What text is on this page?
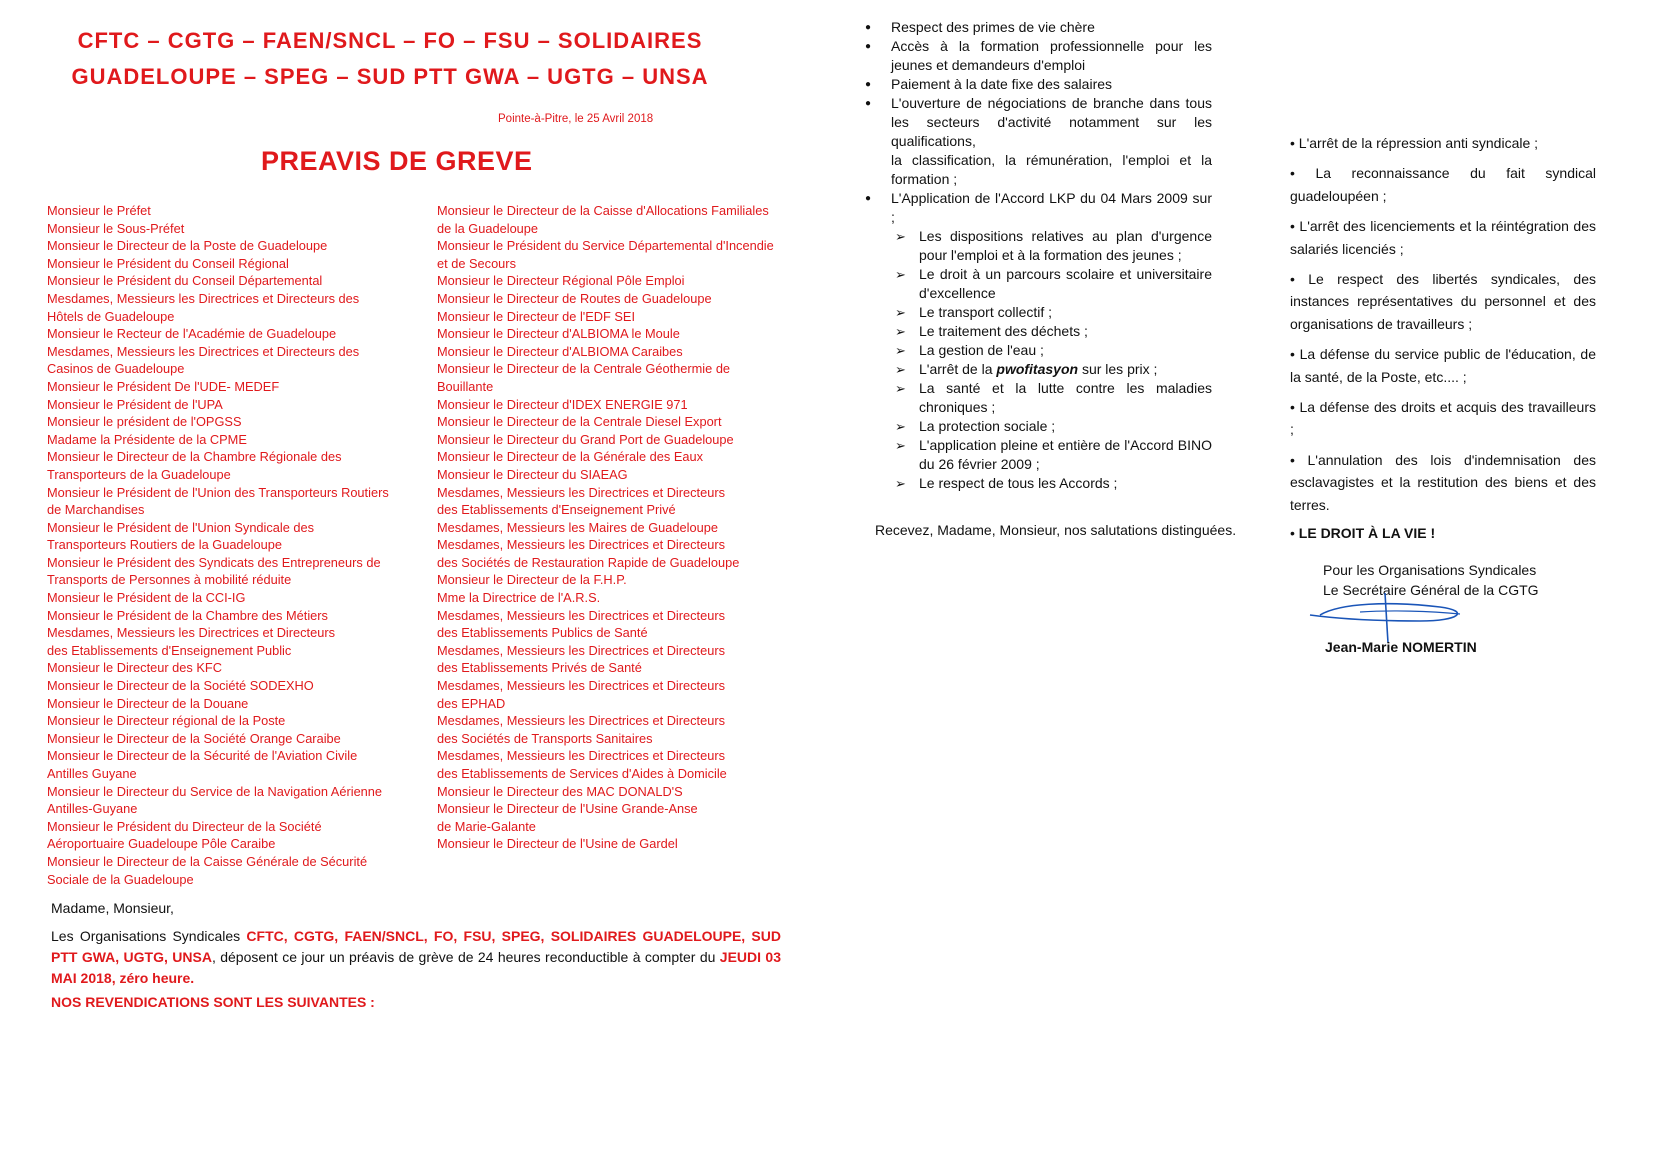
CFTC – CGTG – FAEN/SNCL – FO – FSU – SOLIDAIRES
GUADELOUPE – SPEG – SUD PTT GWA – UGTG – UNSA
Pointe-à-Pitre, le 25 Avril 2018
PREAVIS DE GREVE
Monsieur le Préfet
Monsieur le Sous-Préfet
Monsieur le Directeur de la Poste de Guadeloupe
Monsieur le Président du Conseil Régional
Monsieur le Président du Conseil Départemental
Mesdames, Messieurs les Directrices et Directeurs des
Hôtels de Guadeloupe
Monsieur le Recteur de l'Académie de Guadeloupe
Mesdames, Messieurs les Directrices et Directeurs des
Casinos de Guadeloupe
Monsieur le Président De l'UDE- MEDEF
Monsieur le Président de l'UPA
Monsieur le président de l'OPGSS
Madame la Présidente de la CPME
Monsieur le Directeur de la Chambre Régionale des
Transporteurs de la Guadeloupe
Monsieur le Président de l'Union des Transporteurs Routiers
de Marchandises
Monsieur le Président de l'Union Syndicale des
Transporteurs Routiers de la Guadeloupe
Monsieur le Président des Syndicats des Entrepreneurs de
Transports de Personnes à mobilité réduite
Monsieur le Président de la CCI-IG
Monsieur le Président de la Chambre des Métiers
Mesdames, Messieurs les Directrices et Directeurs
des Etablissements d'Enseignement Public
Monsieur le Directeur des KFC
Monsieur le Directeur de la Société SODEXHO
Monsieur le Directeur de la Douane
Monsieur le Directeur régional de la Poste
Monsieur le Directeur de la Société Orange Caraibe
Monsieur le Directeur de la Sécurité de l'Aviation Civile
Antilles Guyane
Monsieur le Directeur du Service de la Navigation Aérienne
Antilles-Guyane
Monsieur le Président du Directeur de la Société
Aéroportuaire Guadeloupe Pôle Caraibe
Monsieur le Directeur de la Caisse Générale de Sécurité
Sociale de la Guadeloupe
Monsieur le Directeur de la Caisse d'Allocations Familiales
de la Guadeloupe
Monsieur le Président du Service Départemental d'Incendie
et de Secours
Monsieur le Directeur Régional Pôle Emploi
Monsieur le Directeur de Routes de Guadeloupe
Monsieur le Directeur de l'EDF SEI
Monsieur le Directeur d'ALBIOMA le Moule
Monsieur le Directeur d'ALBIOMA Caraibes
Monsieur le Directeur de la Centrale Géothermie de
Bouillante
Monsieur le Directeur d'IDEX ENERGIE 971
Monsieur le Directeur de la Centrale Diesel Export
Monsieur le Directeur du Grand Port de Guadeloupe
Monsieur le Directeur de la Générale des Eaux
Monsieur le Directeur du SIAEAG
Mesdames, Messieurs les Directrices et Directeurs
des Etablissements d'Enseignement Privé
Mesdames, Messieurs les Maires de Guadeloupe
Mesdames, Messieurs les Directrices et Directeurs
des Sociétés de Restauration Rapide de Guadeloupe
Monsieur le Directeur de la F.H.P.
Mme la Directrice de l'A.R.S.
Mesdames, Messieurs les Directrices et Directeurs
des Etablissements Publics de Santé
Mesdames, Messieurs les Directrices et Directeurs
des Etablissements Privés de Santé
Mesdames, Messieurs les Directrices et Directeurs
des EPHAD
Mesdames, Messieurs les Directrices et Directeurs
des Sociétés de Transports Sanitaires
Mesdames, Messieurs les Directrices et Directeurs
des Etablissements de Services d'Aides à Domicile
Monsieur le Directeur des MAC DONALD'S
Monsieur le Directeur de l'Usine Grande-Anse
de Marie-Galante
Monsieur le Directeur de l'Usine de Gardel
Madame, Monsieur,
Les Organisations Syndicales CFTC, CGTG, FAEN/SNCL, FO, FSU, SPEG, SOLIDAIRES GUADELOUPE, SUD PTT GWA, UGTG, UNSA, déposent ce jour un préavis de grève de 24 heures reconductible à compter du JEUDI 03 MAI 2018, zéro heure.
NOS REVENDICATIONS SONT LES SUIVANTES :
● Respect des primes de vie chère
● Accès à la formation professionnelle pour les jeunes et demandeurs d'emploi
● Paiement à la date fixe des salaires
● L'ouverture de négociations de branche dans tous les secteurs d'activité notamment sur les qualifications,
la classification, la rémunération, l'emploi et la formation ;
● L'Application de l'Accord LKP du 04 Mars 2009 sur ;
➢ Les dispositions relatives au plan d'urgence pour l'emploi et à la formation des jeunes ;
➢ Le droit à un parcours scolaire et universitaire d'excellence
➢ Le transport collectif ;
➢ Le traitement des déchets ;
➢ La gestion de l'eau ;
➢ L'arrêt de la pwofitasyon sur les prix ;
➢ La santé et la lutte contre les maladies chroniques ;
➢ La protection sociale ;
➢ L'application pleine et entière de l'Accord BINO du 26 février 2009 ;
➢ Le respect de tous les Accords ;
Recevez, Madame, Monsieur, nos salutations distinguées.
• L'arrêt de la répression anti syndicale ;
• La reconnaissance du fait syndical guadeloupéen ;
• L'arrêt des licenciements et la réintégration des salariés licenciés ;
• Le respect des libertés syndicales, des instances représentatives du personnel et des organisations de travailleurs ;
• La défense du service public de l'éducation, de la santé, de la Poste, etc.... ;
• La défense des droits et acquis des travailleurs ;
• L'annulation des lois d'indemnisation des esclavagistes et la restitution des biens et des terres.
• LE DROIT À LA VIE !
Pour les Organisations Syndicales
Le Secrétaire Général de la CGTG
Jean-Marie NOMERTIN
